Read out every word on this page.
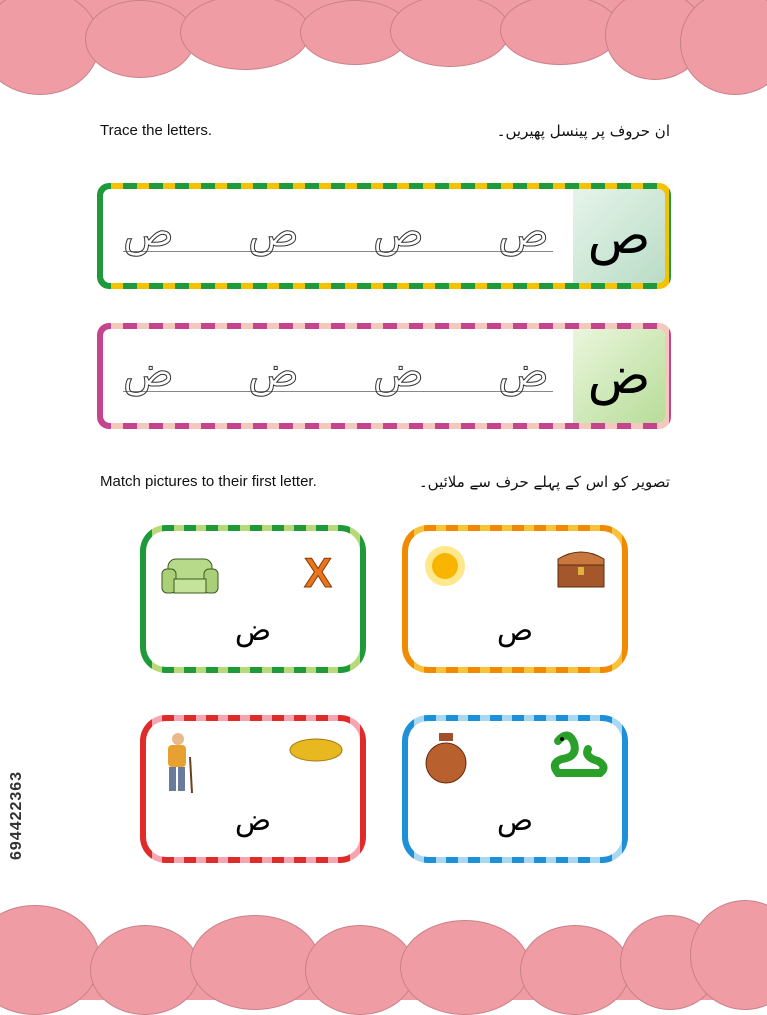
Trace the letters.	ان حروف پر پینسل پھیریں۔
ص ص ص ص ص
ض ض ض ض ض
Match pictures to their first letter.	تصویر کو اس کے پہلے حرف سے ملائیں۔
X
ض	ص
ض	ص
694422363
